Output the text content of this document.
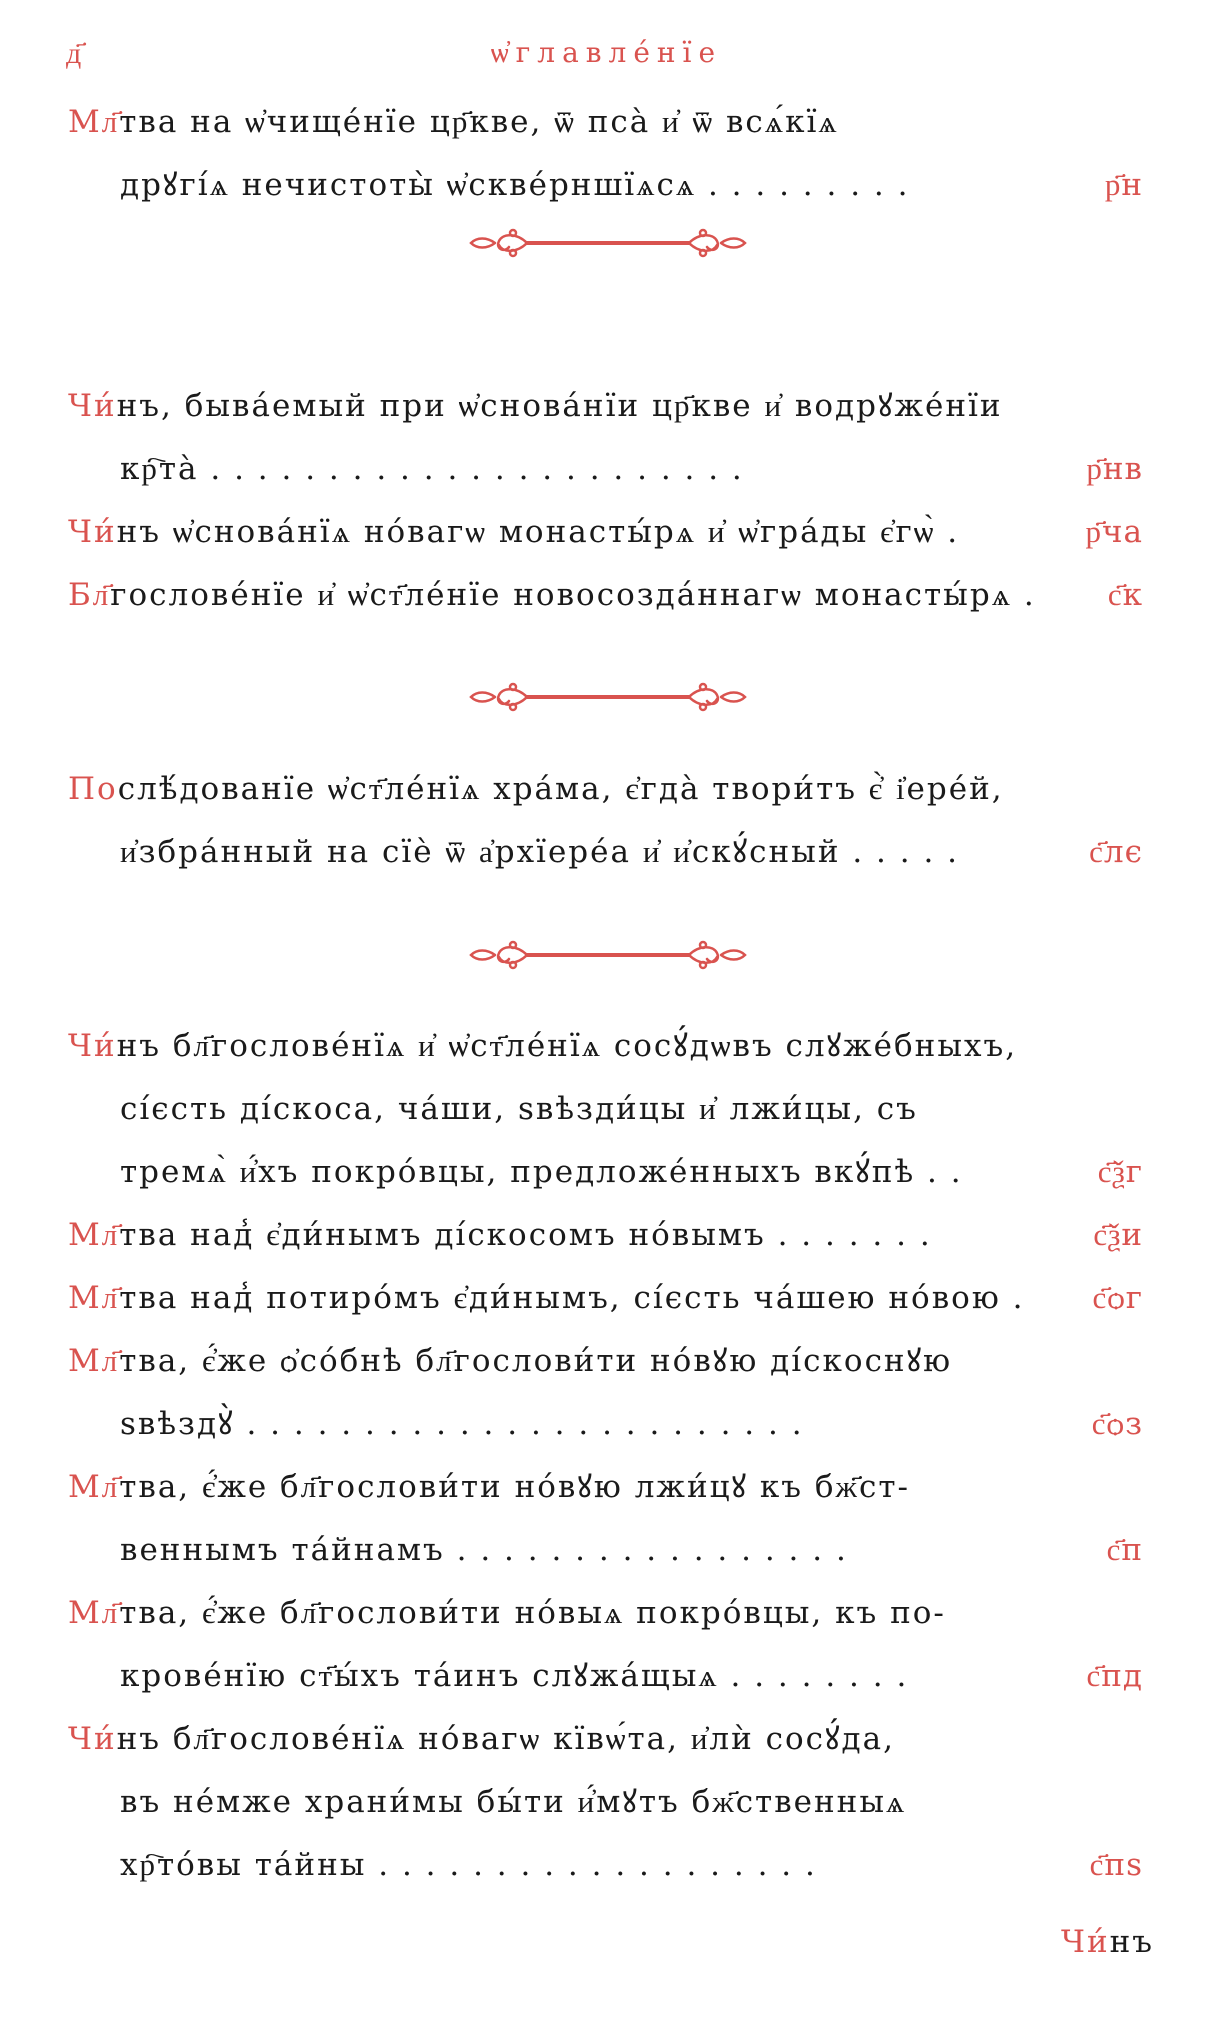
д҃	ѡ҆главле́нїе
Мл҃тва на ѡ҆чище́нїе цр҃кве, ѿ пса̀ и҆ ѿ всѧ́кїѧ
дрꙋгі́ѧ нечистоты̀ ѡ҆скве́рншїѧсѧ . . . . . . . . .	р҃н
Чи́нъ, быва́емый при ѡ҆снова́нїи цр҃кве и҆ водрꙋже́нїи
кр҇та̀ . . . . . . . . . . . . . . . . . . . . . . .	р҃нв
Чи́нъ ѡ҆снова́нїѧ но́вагѡ монасты́рѧ и҆ ѡ҆гра́ды є҆гѡ̀ .	р҃ча
Бл҃гослове́нїе и҆ ѡ҆ст҃ле́нїе новосозда́ннагѡ монасты́рѧ . с҃к
Послѣ́дованїе ѡ҆ст҃ле́нїѧ хра́ма, є҆гда̀ твори́тъ є҆̀ і҆ере́й,
и҆збра́нный на сїѐ ѿ а҆рхїере́а и҆ и҆скꙋ́сный . . . . .	с҃лє
Чи́нъ бл҃гослове́нїѧ и҆ ѡ҆ст҃ле́нїѧ сосꙋ́дѡвъ слꙋже́бныхъ,
сі́єсть ді́скоса, ча́ши, ѕвѣзди́цы и҆ лжи́цы, съ
тремѧ̀ и҆́хъ покро́вцы, предложе́нныхъ вкꙋ́пѣ . .	с҃ѯг
Мл҃тва над̾ є҆ди́нымъ ді́скосомъ но́вымъ . . . . . . .	с҃ѯи
Мл҃тва над̾ потиро́мъ є҆ди́нымъ, сі́єсть ча́шею но́вою . с҃ѻг
Мл҃тва, є҆́же ѻ҆со́бнѣ бл҃гослови́ти но́вꙋю ді́скоснꙋю
ѕвѣздꙋ̀ . . . . . . . . . . . . . . . . . . . . . . . .	с҃ѻз
Мл҃тва, є҆́же бл҃гослови́ти но́вꙋю лжи́цꙋ къ бж҃ст-
веннымъ та́йнамъ . . . . . . . . . . . . . . . . .	с҃п
Мл҃тва, є҆́же бл҃гослови́ти но́выѧ покро́вцы, къ по-
крове́нїю ст҃ы́хъ та́инъ слꙋжа́щыѧ . . . . . . . .	с҃пд
Чи́нъ бл҃гослове́нїѧ но́вагѡ кївѡ́та, и҆лѝ сосꙋ́да,
въ не́мже храни́мы бы́ти и҆́мꙋтъ бж҃ственныѧ
хр҇то́вы та́йны . . . . . . . . . . . . . . . . . . .	с҃пѕ
Чи́нъ
